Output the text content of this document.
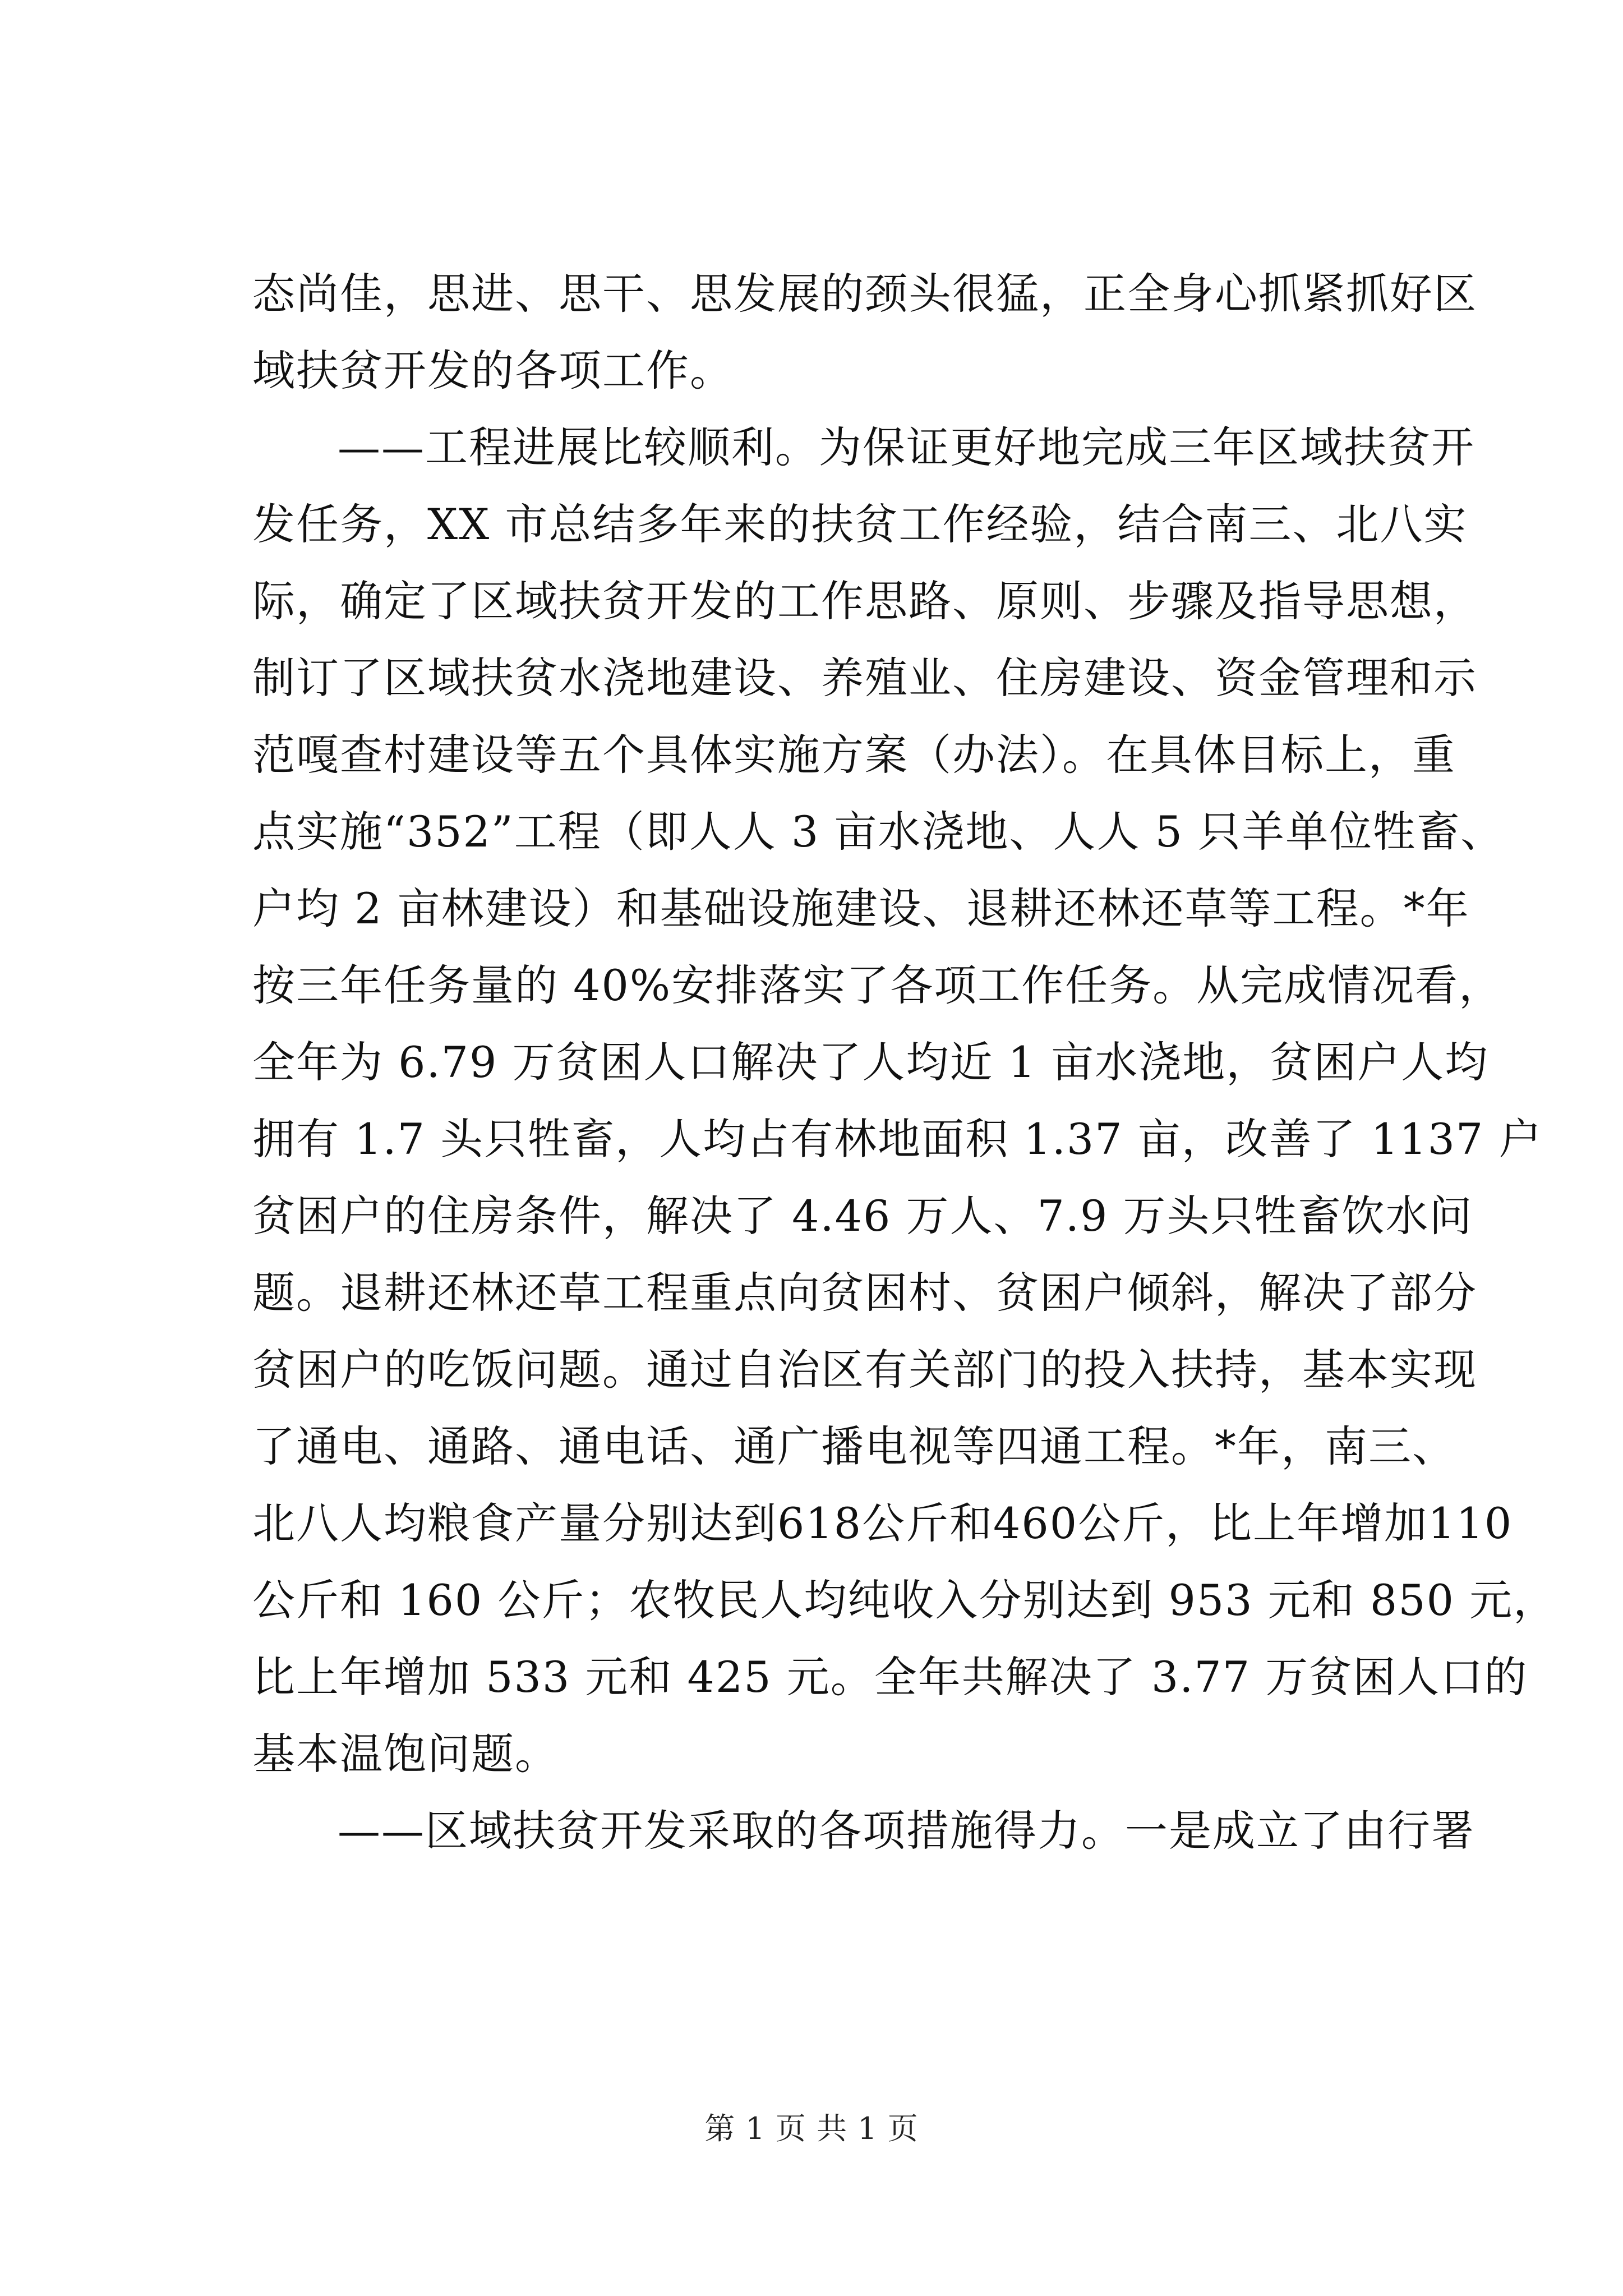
态尚佳，思进、思干、思发展的颈头很猛，正全身心抓紧抓好区
域扶贫开发的各项工作。
——工程进展比较顺利。为保证更好地完成三年区域扶贫开
发任务，XX 市总结多年来的扶贫工作经验，结合南三、北八实
际，确定了区域扶贫开发的工作思路、原则、步骤及指导思想，
制订了区域扶贫水浇地建设、养殖业、住房建设、资金管理和示
范嘎查村建设等五个具体实施方案（办法）。在具体目标上，重
点实施“352”工程（即人人 3 亩水浇地、人人 5 只羊单位牲畜、
户均 2 亩林建设）和基础设施建设、退耕还林还草等工程。*年
按三年任务量的 40%安排落实了各项工作任务。从完成情况看，
全年为 6.79 万贫困人口解决了人均近 1 亩水浇地，贫困户人均
拥有 1.7 头只牲畜，人均占有林地面积 1.37 亩，改善了 1137 户
贫困户的住房条件，解决了 4.46 万人、7.9 万头只牲畜饮水问
题。退耕还林还草工程重点向贫困村、贫困户倾斜，解决了部分
贫困户的吃饭问题。通过自治区有关部门的投入扶持，基本实现
了通电、通路、通电话、通广播电视等四通工程。*年，南三、
北八人均粮食产量分别达到618公斤和460公斤，比上年增加110
公斤和 160 公斤；农牧民人均纯收入分别达到 953 元和 850 元，
比上年增加 533 元和 425 元。全年共解决了 3.77 万贫困人口的
基本温饱问题。
——区域扶贫开发采取的各项措施得力。一是成立了由行署
第 1 页 共 1 页
